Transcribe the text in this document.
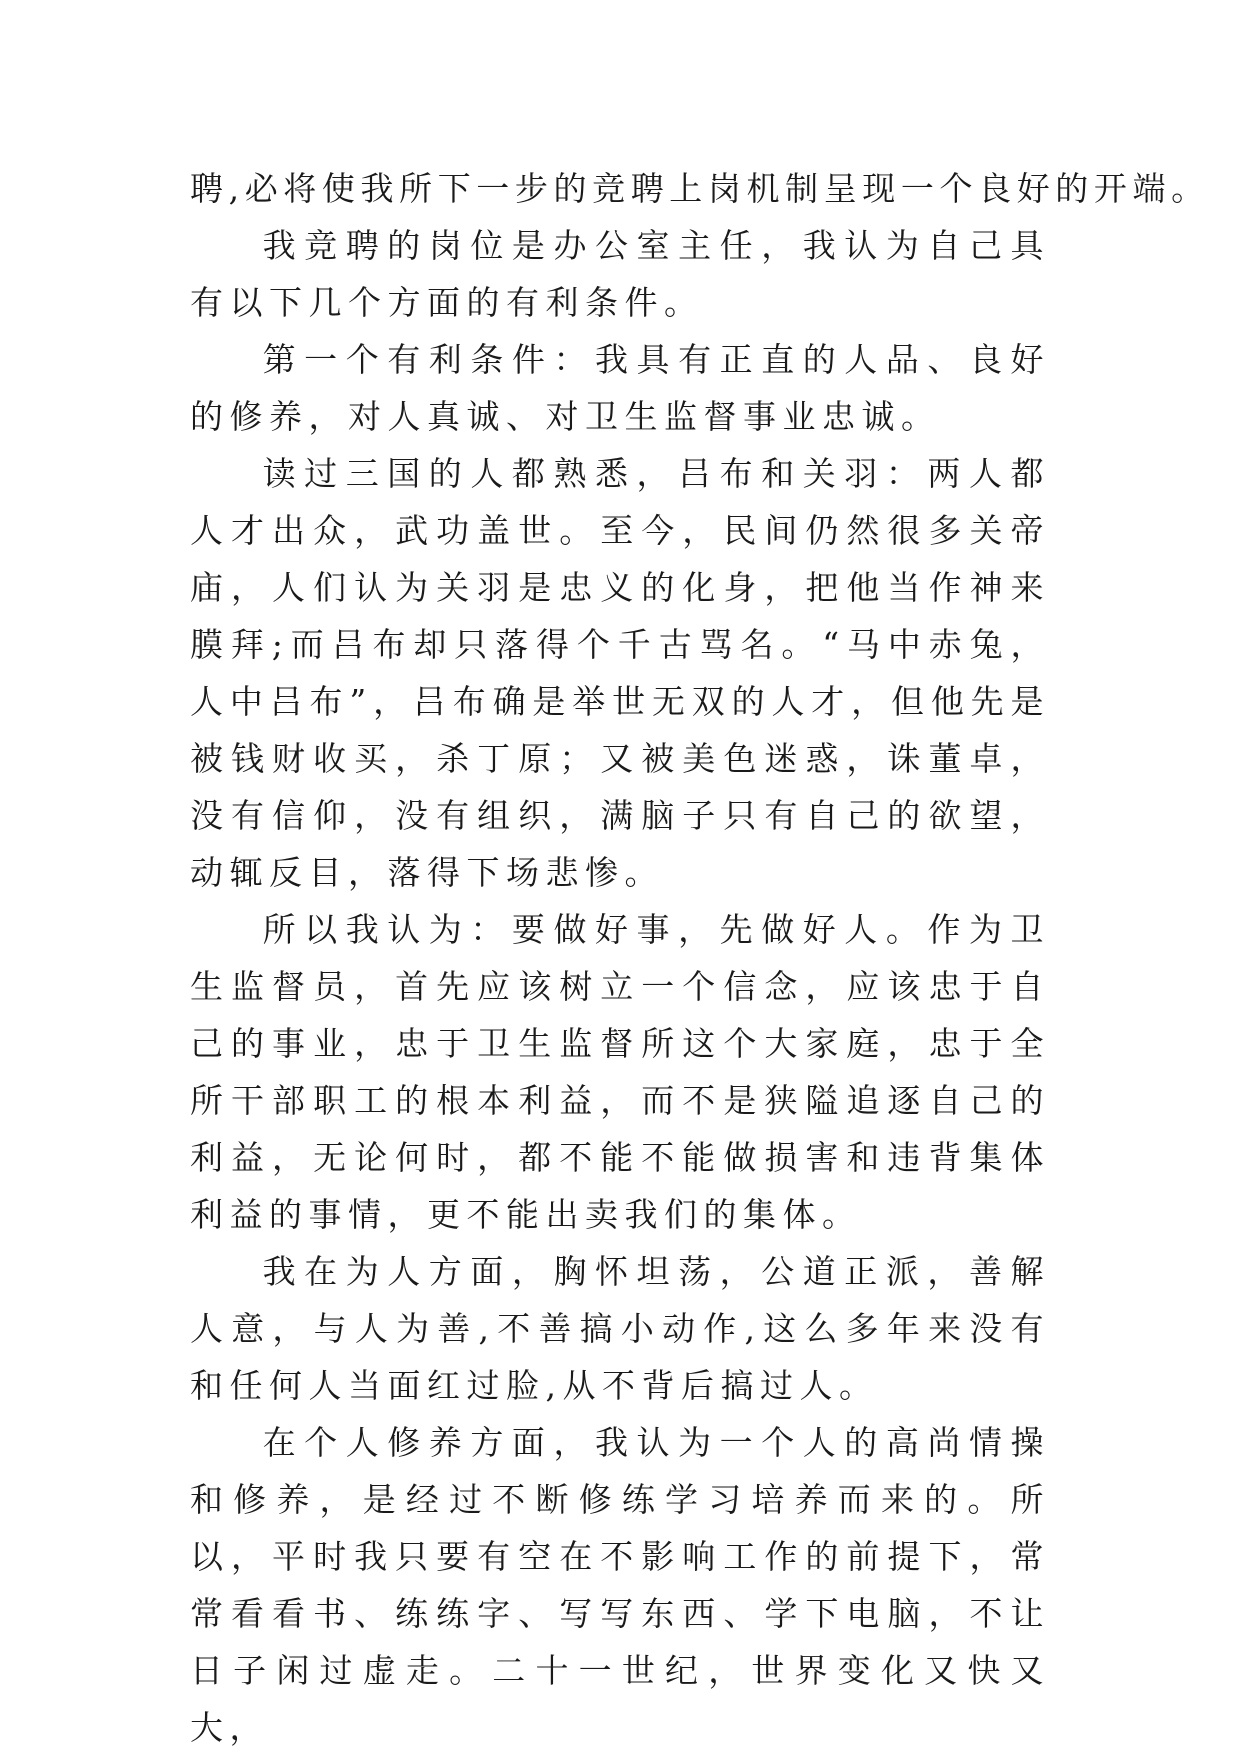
聘,必将使我所下一步的竞聘上岗机制呈现一个良好的开端。

我竞聘的岗位是办公室主任，我认为自己具有以下几个方面的有利条件。

第一个有利条件：我具有正直的人品、良好的修养，对人真诚、对卫生监督事业忠诚。

读过三国的人都熟悉，吕布和关羽：两人都人才出众，武功盖世。至今，民间仍然很多关帝庙，人们认为关羽是忠义的化身，把他当作神来膜拜;而吕布却只落得个千古骂名。“马中赤兔，人中吕布”，吕布确是举世无双的人才，但他先是被钱财收买，杀丁原；又被美色迷惑，诛董卓，没有信仰，没有组织，满脑子只有自己的欲望，动辄反目，落得下场悲惨。

所以我认为：要做好事，先做好人。作为卫生监督员，首先应该树立一个信念，应该忠于自己的事业，忠于卫生监督所这个大家庭，忠于全所干部职工的根本利益，而不是狭隘追逐自己的利益，无论何时，都不能不能做损害和违背集体利益的事情，更不能出卖我们的集体。

我在为人方面，胸怀坦荡，公道正派，善解人意，与人为善,不善搞小动作,这么多年来没有和任何人当面红过脸,从不背后搞过人。

在个人修养方面，我认为一个人的高尚情操和修养，是经过不断修练学习培养而来的。所以，平时我只要有空在不影响工作的前提下，常常看看书、练练字、写写东西、学下电脑，不让日子闲过虚走。二十一世纪，世界变化又快又大，
